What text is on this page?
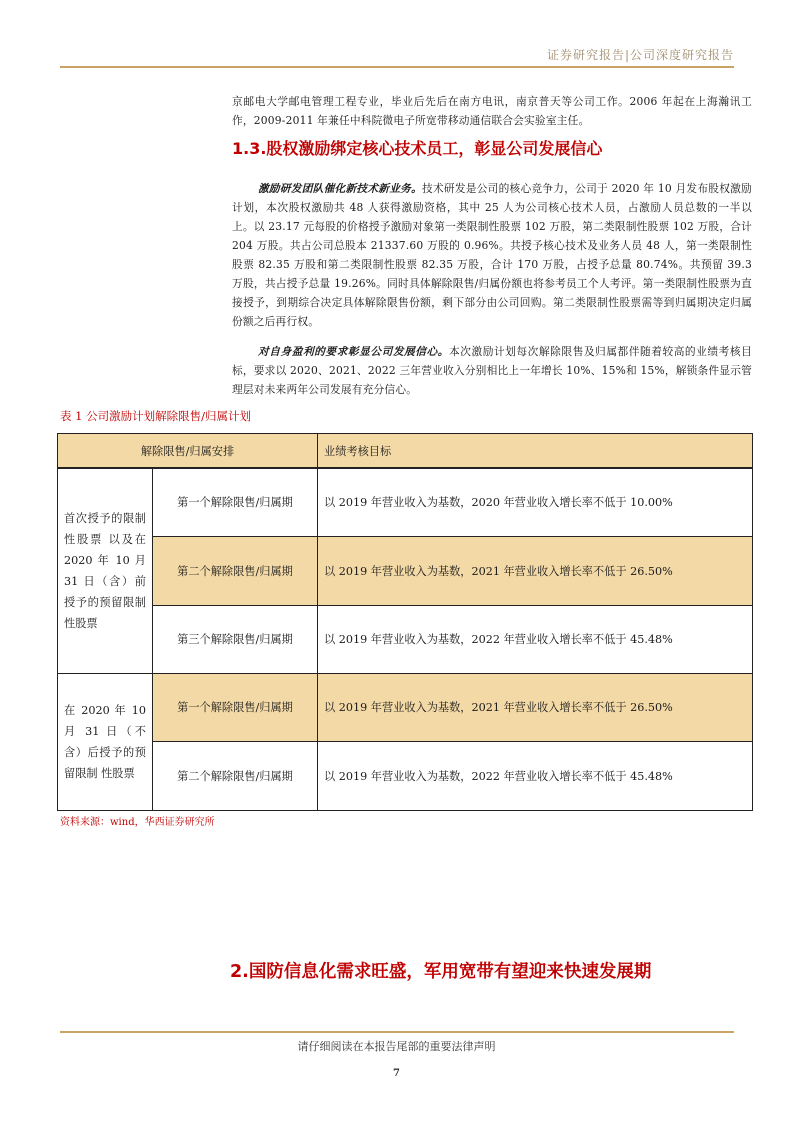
证券研究报告|公司深度研究报告
京邮电大学邮电管理工程专业，毕业后先后在南方电讯，南京普天等公司工作。2006 年起在上海瀚讯工作，2009-2011 年兼任中科院微电子所宽带移动通信联合会实验室主任。
1.3.股权激励绑定核心技术员工，彰显公司发展信心
激励研发团队催化新技术新业务。技术研发是公司的核心竞争力，公司于 2020 年 10 月发布股权激励计划，本次股权激励共 48 人获得激励资格，其中 25 人为公司核心技术人员，占激励人员总数的一半以上。以 23.17 元每股的价格授予激励对象第一类限制性股票 102 万股，第二类限制性股票 102 万股，合计 204 万股。共占公司总股本 21337.60 万股的 0.96%。共授予核心技术及业务人员 48 人，第一类限制性股票 82.35 万股和第二类限制性股票 82.35 万股，合计 170 万股，占授予总量 80.74%。共预留 39.3 万股，共占授予总量 19.26%。同时具体解除限售/归属份额也将参考员工个人考评。第一类限制性股票为直接授予，到期综合决定具体解除限售份额，剩下部分由公司回购。第二类限制性股票需等到归属期决定归属份额之后再行权。
对自身盈利的要求彰显公司发展信心。本次激励计划每次解除限售及归属都伴随着较高的业绩考核目标，要求以 2020、2021、2022 三年营业收入分别相比上一年增长 10%、15%和 15%，解锁条件显示管理层对未来两年公司发展有充分信心。
表 1 公司激励计划解除限售/归属计划
解除限售/归属安排		业绩考核目标
首次授予的限制性股票 以及在 2020 年 10 月 31 日（含）前授予的预留限制性股票	第一个解除限售/归属期	以 2019 年营业收入为基数，2020 年营业收入增长率不低于 10.00%
	第二个解除限售/归属期	以 2019 年营业收入为基数，2021 年营业收入增长率不低于 26.50%
	第三个解除限售/归属期	以 2019 年营业收入为基数，2022 年营业收入增长率不低于 45.48%
在 2020 年 10 月 31 日（不含）后授予的预留限制 性股票	第一个解除限售/归属期	以 2019 年营业收入为基数，2021 年营业收入增长率不低于 26.50%
	第二个解除限售/归属期	以 2019 年营业收入为基数，2022 年营业收入增长率不低于 45.48%
资料来源：wind，华西证券研究所
2.国防信息化需求旺盛，军用宽带有望迎来快速发展期
请仔细阅读在本报告尾部的重要法律声明
7
